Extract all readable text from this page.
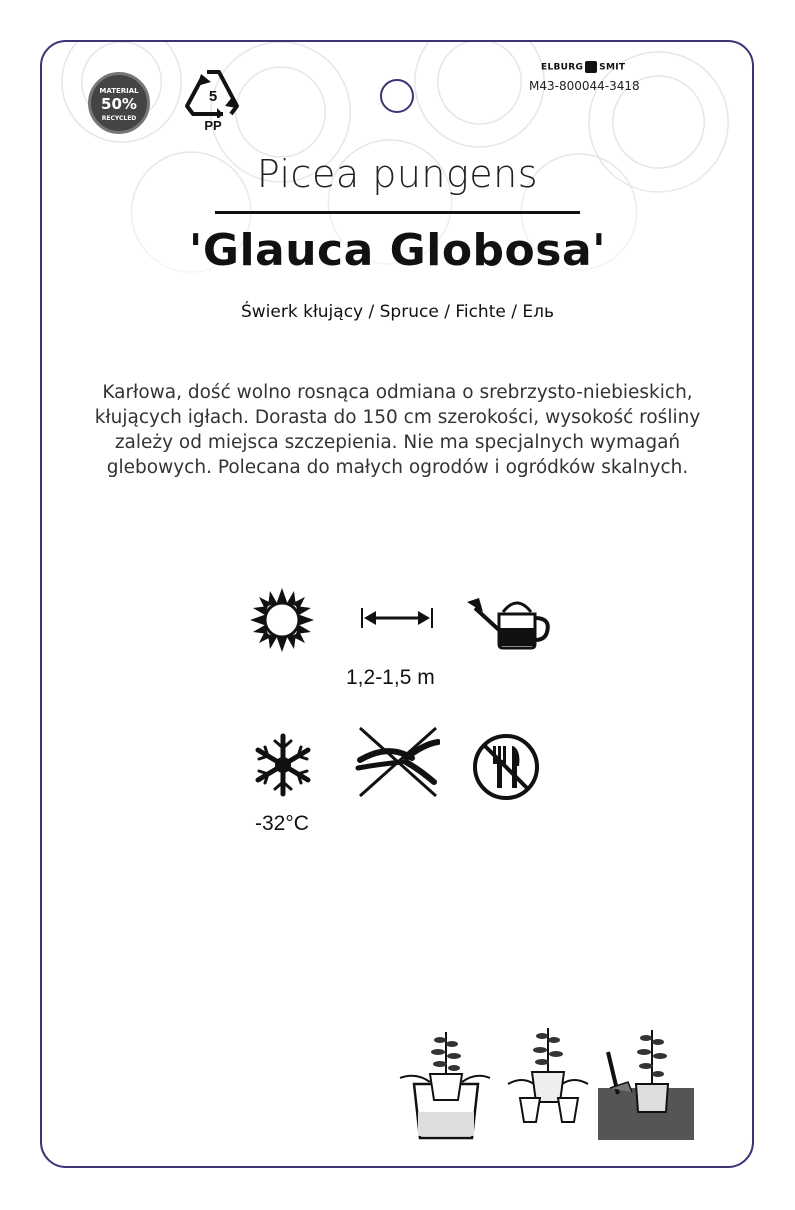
MATERIAL
50%
RECYCLED
5
PP
ELBURG SMIT
M43-800044-3418
Picea pungens
'Glauca Globosa'
Świerk kłujący / Spruce / Fichte / Ель
Karłowa, dość wolno rosnąca odmiana o srebrzysto-niebieskich, kłujących igłach. Dorasta do 150 cm szerokości, wysokość rośliny zależy od miejsca szczepienia. Nie ma specjalnych wymagań glebowych. Polecana do małych ogrodów i ogródków skalnych.
1,2-1,5 m
-32°C
